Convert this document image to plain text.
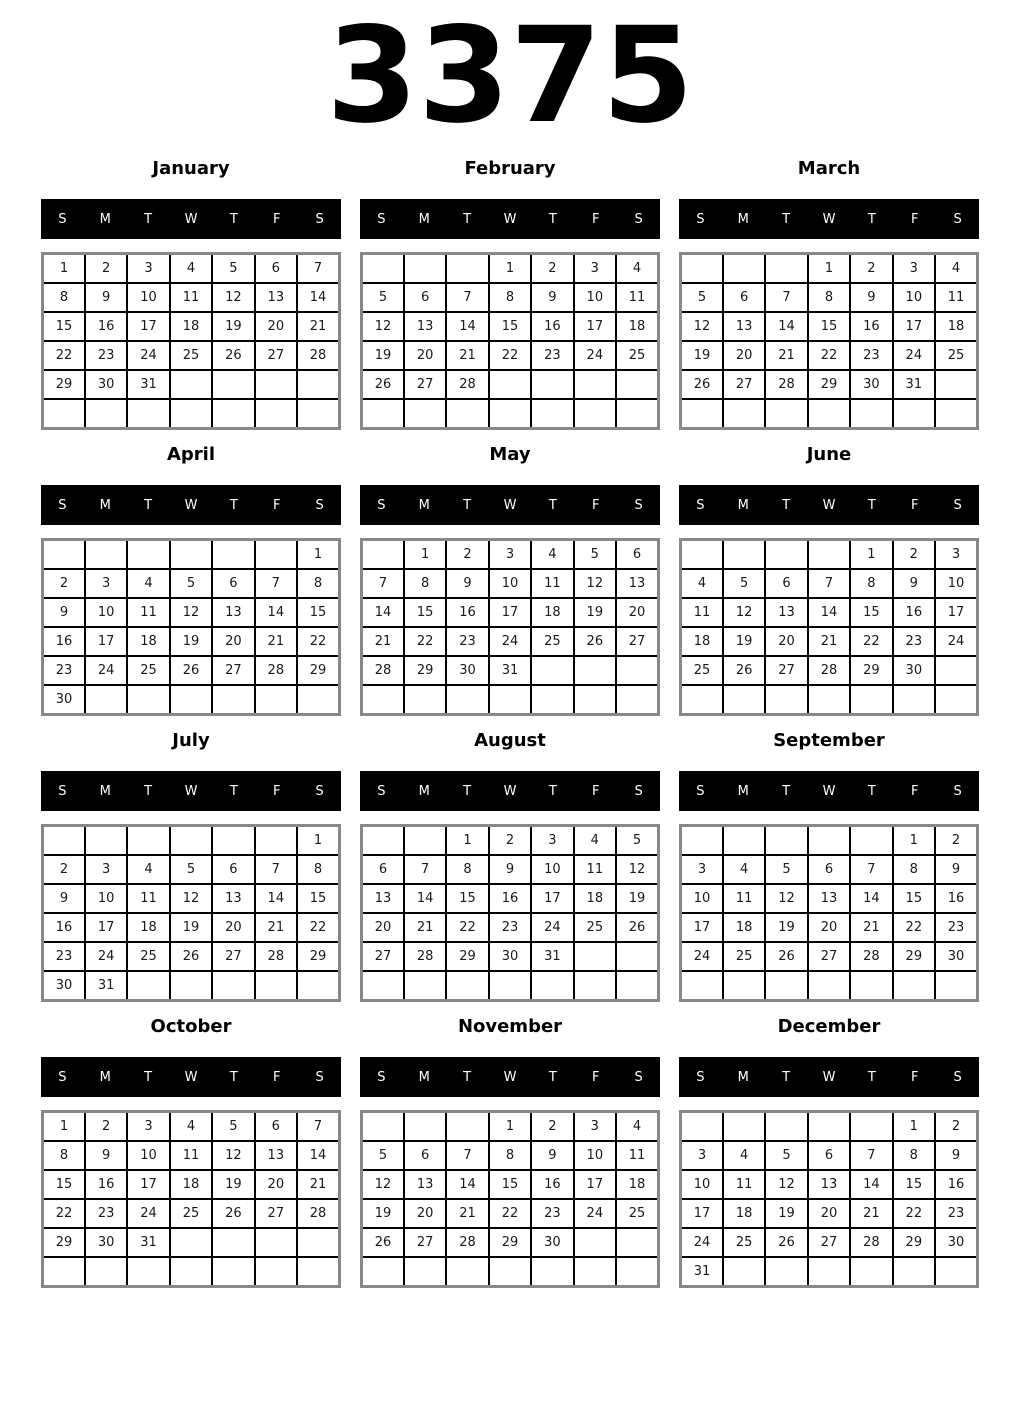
3375
January
S	M	T	W	T	F	S
1	2	3	4	5	6	7
8	9	10	11	12	13	14
15	16	17	18	19	20	21
22	23	24	25	26	27	28
29	30	31				

February
S	M	T	W	T	F	S
			1	2	3	4
5	6	7	8	9	10	11
12	13	14	15	16	17	18
19	20	21	22	23	24	25
26	27	28				

March
S	M	T	W	T	F	S
			1	2	3	4
5	6	7	8	9	10	11
12	13	14	15	16	17	18
19	20	21	22	23	24	25
26	27	28	29	30	31	

April
S	M	T	W	T	F	S
						1
2	3	4	5	6	7	8
9	10	11	12	13	14	15
16	17	18	19	20	21	22
23	24	25	26	27	28	29
30						
May
S	M	T	W	T	F	S
	1	2	3	4	5	6
7	8	9	10	11	12	13
14	15	16	17	18	19	20
21	22	23	24	25	26	27
28	29	30	31			

June
S	M	T	W	T	F	S
				1	2	3
4	5	6	7	8	9	10
11	12	13	14	15	16	17
18	19	20	21	22	23	24
25	26	27	28	29	30	

July
S	M	T	W	T	F	S
						1
2	3	4	5	6	7	8
9	10	11	12	13	14	15
16	17	18	19	20	21	22
23	24	25	26	27	28	29
30	31					
August
S	M	T	W	T	F	S
		1	2	3	4	5
6	7	8	9	10	11	12
13	14	15	16	17	18	19
20	21	22	23	24	25	26
27	28	29	30	31		

September
S	M	T	W	T	F	S
					1	2
3	4	5	6	7	8	9
10	11	12	13	14	15	16
17	18	19	20	21	22	23
24	25	26	27	28	29	30

October
S	M	T	W	T	F	S
1	2	3	4	5	6	7
8	9	10	11	12	13	14
15	16	17	18	19	20	21
22	23	24	25	26	27	28
29	30	31				

November
S	M	T	W	T	F	S
			1	2	3	4
5	6	7	8	9	10	11
12	13	14	15	16	17	18
19	20	21	22	23	24	25
26	27	28	29	30		

December
S	M	T	W	T	F	S
					1	2
3	4	5	6	7	8	9
10	11	12	13	14	15	16
17	18	19	20	21	22	23
24	25	26	27	28	29	30
31						
